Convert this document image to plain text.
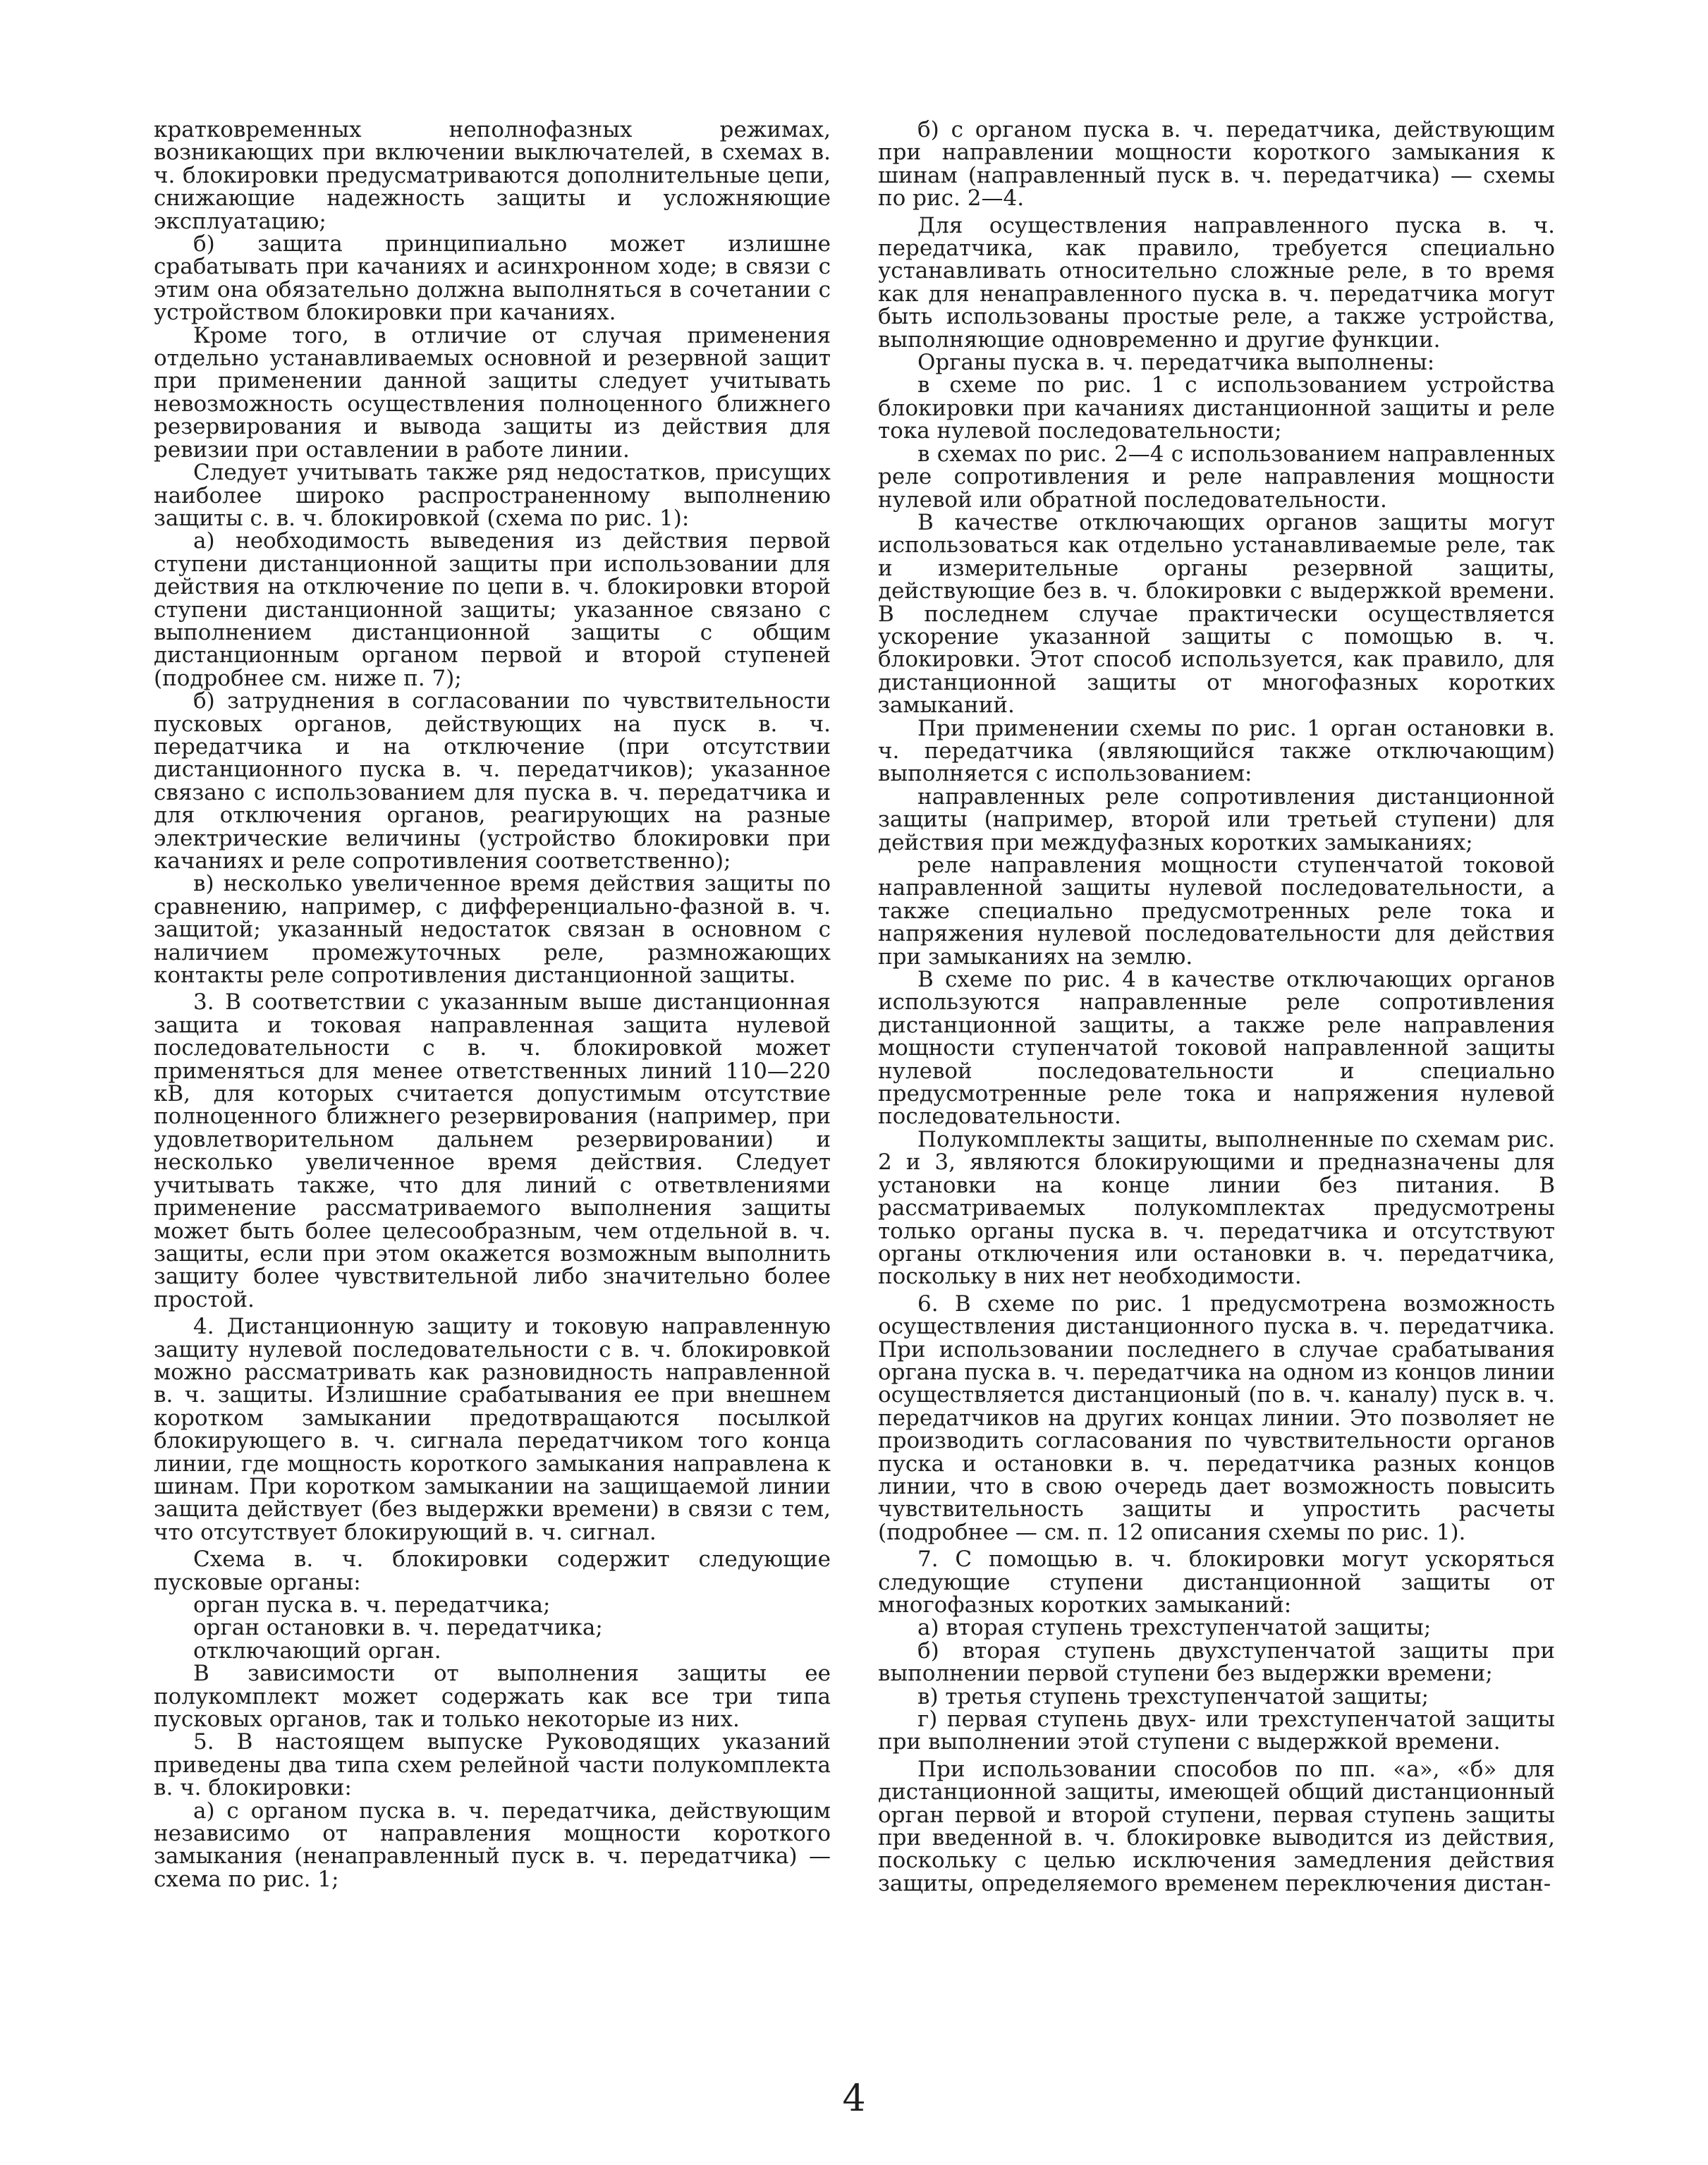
кратковременных неполнофазных режимах, возникающих при включении выключателей, в схемах в. ч. блокировки предусматриваются дополнительные цепи, снижающие надежность защиты и усложняющие эксплуатацию;

б) защита принципиально может излишне срабатывать при качаниях и асинхронном ходе; в связи с этим она обязательно должна выполняться в сочетании с устройством блокировки при качаниях.

Кроме того, в отличие от случая применения отдельно устанавливаемых основной и резервной защит при применении данной защиты следует учитывать невозможность осуществления полноценного ближнего резервирования и вывода защиты из действия для ревизии при оставлении в работе линии.

Следует учитывать также ряд недостатков, присущих наиболее широко распространенному выполнению защиты с. в. ч. блокировкой (схема по рис. 1):

а) необходимость выведения из действия первой ступени дистанционной защиты при использовании для действия на отключение по цепи в. ч. блокировки второй ступени дистанционной защиты; указанное связано с выполнением дистанционной защиты с общим дистанционным органом первой и второй ступеней (подробнее см. ниже п. 7);

б) затруднения в согласовании по чувствительности пусковых органов, действующих на пуск в. ч. передатчика и на отключение (при отсутствии дистанционного пуска в. ч. передатчиков); указанное связано с использованием для пуска в. ч. передатчика и для отключения органов, реагирующих на разные электрические величины (устройство блокировки при качаниях и реле сопротивления соответственно);

в) несколько увеличенное время действия защиты по сравнению, например, с дифференциально-фазной в. ч. защитой; указанный недостаток связан в основном с наличием промежуточных реле, размножающих контакты реле сопротивления дистанционной защиты.

3. В соответствии с указанным выше дистанционная защита и токовая направленная защита нулевой последовательности с в. ч. блокировкой может применяться для менее ответственных линий 110—220 кВ, для которых считается допустимым отсутствие полноценного ближнего резервирования (например, при удовлетворительном дальнем резервировании) и несколько увеличенное время действия. Следует учитывать также, что для линий с ответвлениями применение рассматриваемого выполнения защиты может быть более целесообразным, чем отдельной в. ч. защиты, если при этом окажется возможным выполнить защиту более чувствительной либо значительно более простой.

4. Дистанционную защиту и токовую направленную защиту нулевой последовательности с в. ч. блокировкой можно рассматривать как разновидность направленной в. ч. защиты. Излишние срабатывания ее при внешнем коротком замыкании предотвращаются посылкой блокирующего в. ч. сигнала передатчиком того конца линии, где мощность короткого замыкания направлена к шинам. При коротком замыкании на защищаемой линии защита действует (без выдержки времени) в связи с тем, что отсутствует блокирующий в. ч. сигнал.

Схема в. ч. блокировки содержит следующие пусковые органы:

орган пуска в. ч. передатчика;

орган остановки в. ч. передатчика;

отключающий орган.

В зависимости от выполнения защиты ее полукомплект может содержать как все три типа пусковых органов, так и только некоторые из них.

5. В настоящем выпуске Руководящих указаний приведены два типа схем релейной части полукомплекта в. ч. блокировки:

а) с органом пуска в. ч. передатчика, действующим независимо от направления мощности короткого замыкания (ненаправленный пуск в. ч. передатчика) — схема по рис. 1;

б) с органом пуска в. ч. передатчика, действующим при направлении мощности короткого замыкания к шинам (направленный пуск в. ч. передатчика) — схемы по рис. 2—4.

Для осуществления направленного пуска в. ч. передатчика, как правило, требуется специально устанавливать относительно сложные реле, в то время как для ненаправленного пуска в. ч. передатчика могут быть использованы простые реле, а также устройства, выполняющие одновременно и другие функции.

Органы пуска в. ч. передатчика выполнены:

в схеме по рис. 1 с использованием устройства блокировки при качаниях дистанционной защиты и реле тока нулевой последовательности;

в схемах по рис. 2—4 с использованием направленных реле сопротивления и реле направления мощности нулевой или обратной последовательности.

В качестве отключающих органов защиты могут использоваться как отдельно устанавливаемые реле, так и измерительные органы резервной защиты, действующие без в. ч. блокировки с выдержкой времени. В последнем случае практически осуществляется ускорение указанной защиты с помощью в. ч. блокировки. Этот способ используется, как правило, для дистанционной защиты от многофазных коротких замыканий.

При применении схемы по рис. 1 орган остановки в. ч. передатчика (являющийся также отключающим) выполняется с использованием:

направленных реле сопротивления дистанционной защиты (например, второй или третьей ступени) для действия при междуфазных коротких замыканиях;

реле направления мощности ступенчатой токовой направленной защиты нулевой последовательности, а также специально предусмотренных реле тока и напряжения нулевой последовательности для действия при замыканиях на землю.

В схеме по рис. 4 в качестве отключающих органов используются направленные реле сопротивления дистанционной защиты, а также реле направления мощности ступенчатой токовой направленной защиты нулевой последовательности и специально предусмотренные реле тока и напряжения нулевой последовательности.

Полукомплекты защиты, выполненные по схемам рис. 2 и 3, являются блокирующими и предназначены для установки на конце линии без питания. В рассматриваемых полукомплектах предусмотрены только органы пуска в. ч. передатчика и отсутствуют органы отключения или остановки в. ч. передатчика, поскольку в них нет необходимости.

6. В схеме по рис. 1 предусмотрена возможность осуществления дистанционного пуска в. ч. передатчика. При использовании последнего в случае срабатывания органа пуска в. ч. передатчика на одном из концов линии осуществляется дистанционый (по в. ч. каналу) пуск в. ч. передатчиков на других концах линии. Это позволяет не производить согласования по чувствительности органов пуска и остановки в. ч. передатчика разных концов линии, что в свою очередь дает возможность повысить чувствительность защиты и упростить расчеты (подробнее — см. п. 12 описания схемы по рис. 1).

7. С помощью в. ч. блокировки могут ускоряться следующие ступени дистанционной защиты от многофазных коротких замыканий:

а) вторая ступень трехступенчатой защиты;

б) вторая ступень двухступенчатой защиты при выполнении первой ступени без выдержки времени;

в) третья ступень трехступенчатой защиты;

г) первая ступень двух- или трехступенчатой защиты при выполнении этой ступени с выдержкой времени.

При использовании способов по пп. «а», «б» для дистанционной защиты, имеющей общий дистанционный орган первой и второй ступени, первая ступень защиты при введенной в. ч. блокировке выводится из действия, поскольку с целью исключения замедления действия защиты, определяемого временем переключения дистан-

4
